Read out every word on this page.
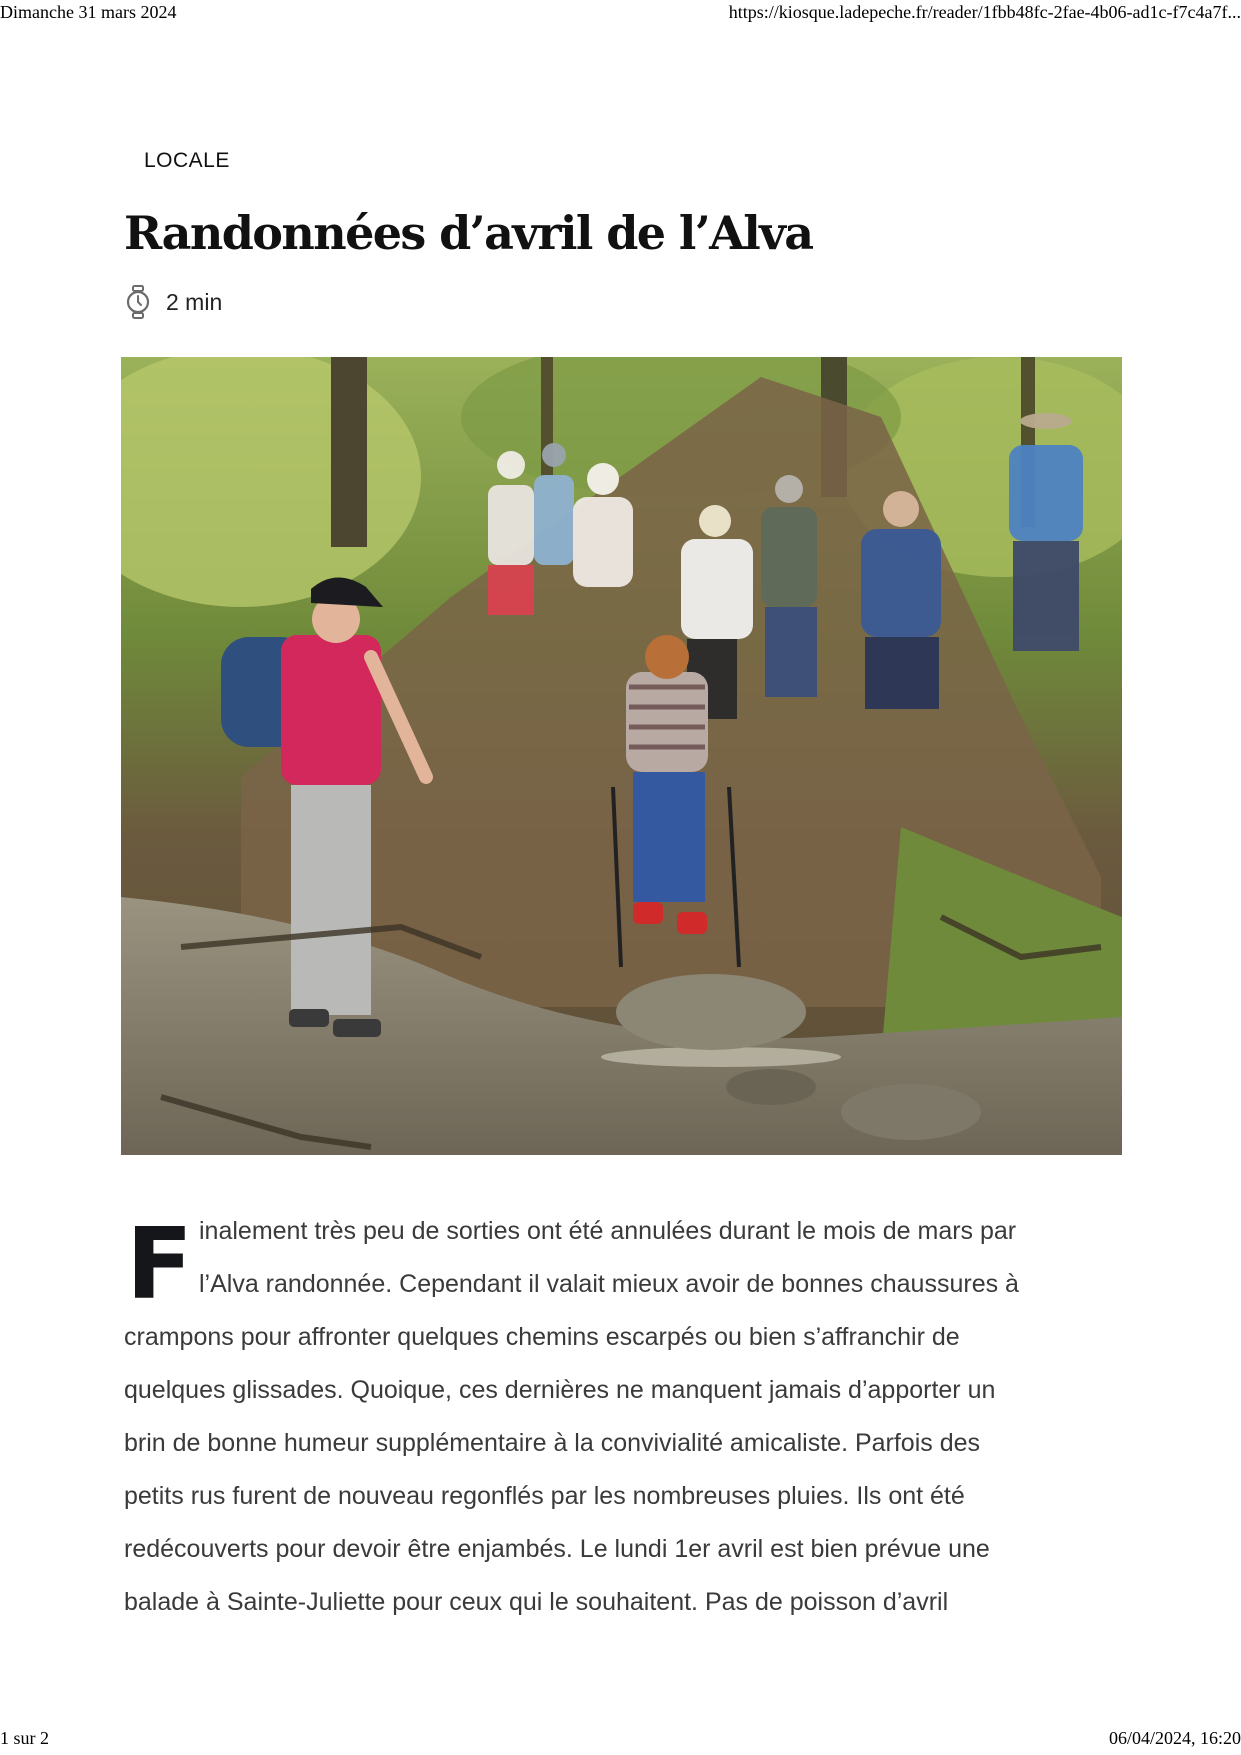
Dimanche 31 mars 2024	https://kiosque.ladepeche.fr/reader/1fbb48fc-2fae-4b06-ad1c-f7c4a7f...
LOCALE
Randonnées d’avril de l’Alva
2 min
F inalement très peu de sorties ont été annulées durant le mois de mars par
l’Alva randonnée. Cependant il valait mieux avoir de bonnes chaussures à
crampons pour affronter quelques chemins escarpés ou bien s’affranchir de
quelques glissades. Quoique, ces dernières ne manquent jamais d’apporter un
brin de bonne humeur supplémentaire à la convivialité amicaliste. Parfois des
petits rus furent de nouveau regonflés par les nombreuses pluies. Ils ont été
redécouverts pour devoir être enjambés. Le lundi 1er avril est bien prévue une
balade à Sainte-Juliette pour ceux qui le souhaitent. Pas de poisson d’avril
1 sur 2	06/04/2024, 16:20
